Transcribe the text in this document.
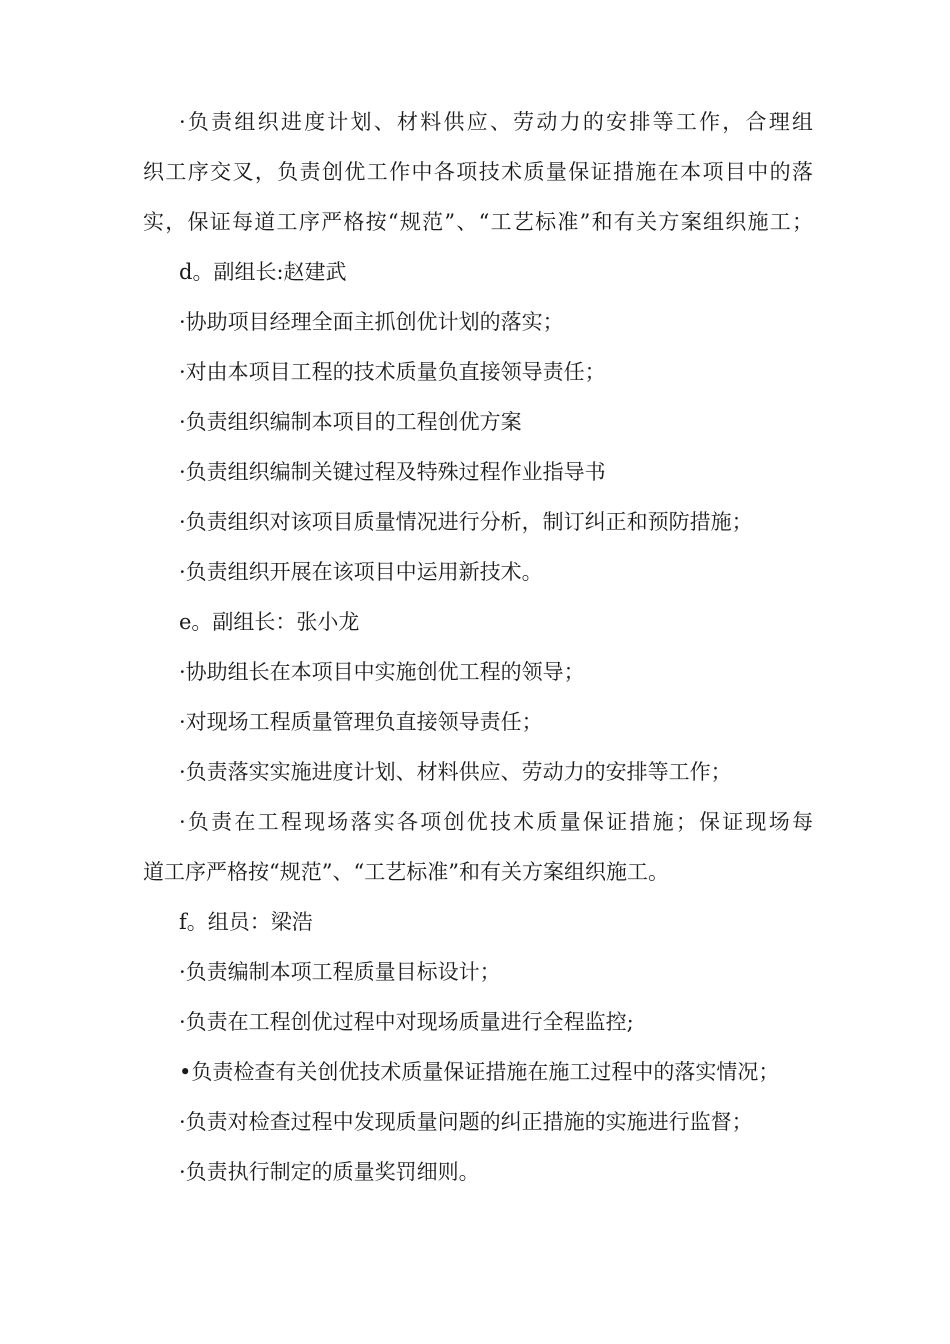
·负责组织进度计划、材料供应、劳动力的安排等工作，合理组
织工序交叉，负责创优工作中各项技术质量保证措施在本项目中的落
实，保证每道工序严格按“规范”、“工艺标准”和有关方案组织施工；
d。副组长:赵建武
·协助项目经理全面主抓创优计划的落实；
·对由本项目工程的技术质量负直接领导责任；
·负责组织编制本项目的工程创优方案
·负责组织编制关键过程及特殊过程作业指导书
·负责组织对该项目质量情况进行分析，制订纠正和预防措施；
·负责组织开展在该项目中运用新技术。
e。副组长：张小龙
·协助组长在本项目中实施创优工程的领导；
·对现场工程质量管理负直接领导责任；
·负责落实实施进度计划、材料供应、劳动力的安排等工作；
·负责在工程现场落实各项创优技术质量保证措施；保证现场每
道工序严格按“规范”、“工艺标准”和有关方案组织施工。
f。组员：梁浩
·负责编制本项工程质量目标设计；
·负责在工程创优过程中对现场质量进行全程监控;
•负责检查有关创优技术质量保证措施在施工过程中的落实情况；
·负责对检查过程中发现质量问题的纠正措施的实施进行监督；
·负责执行制定的质量奖罚细则。
